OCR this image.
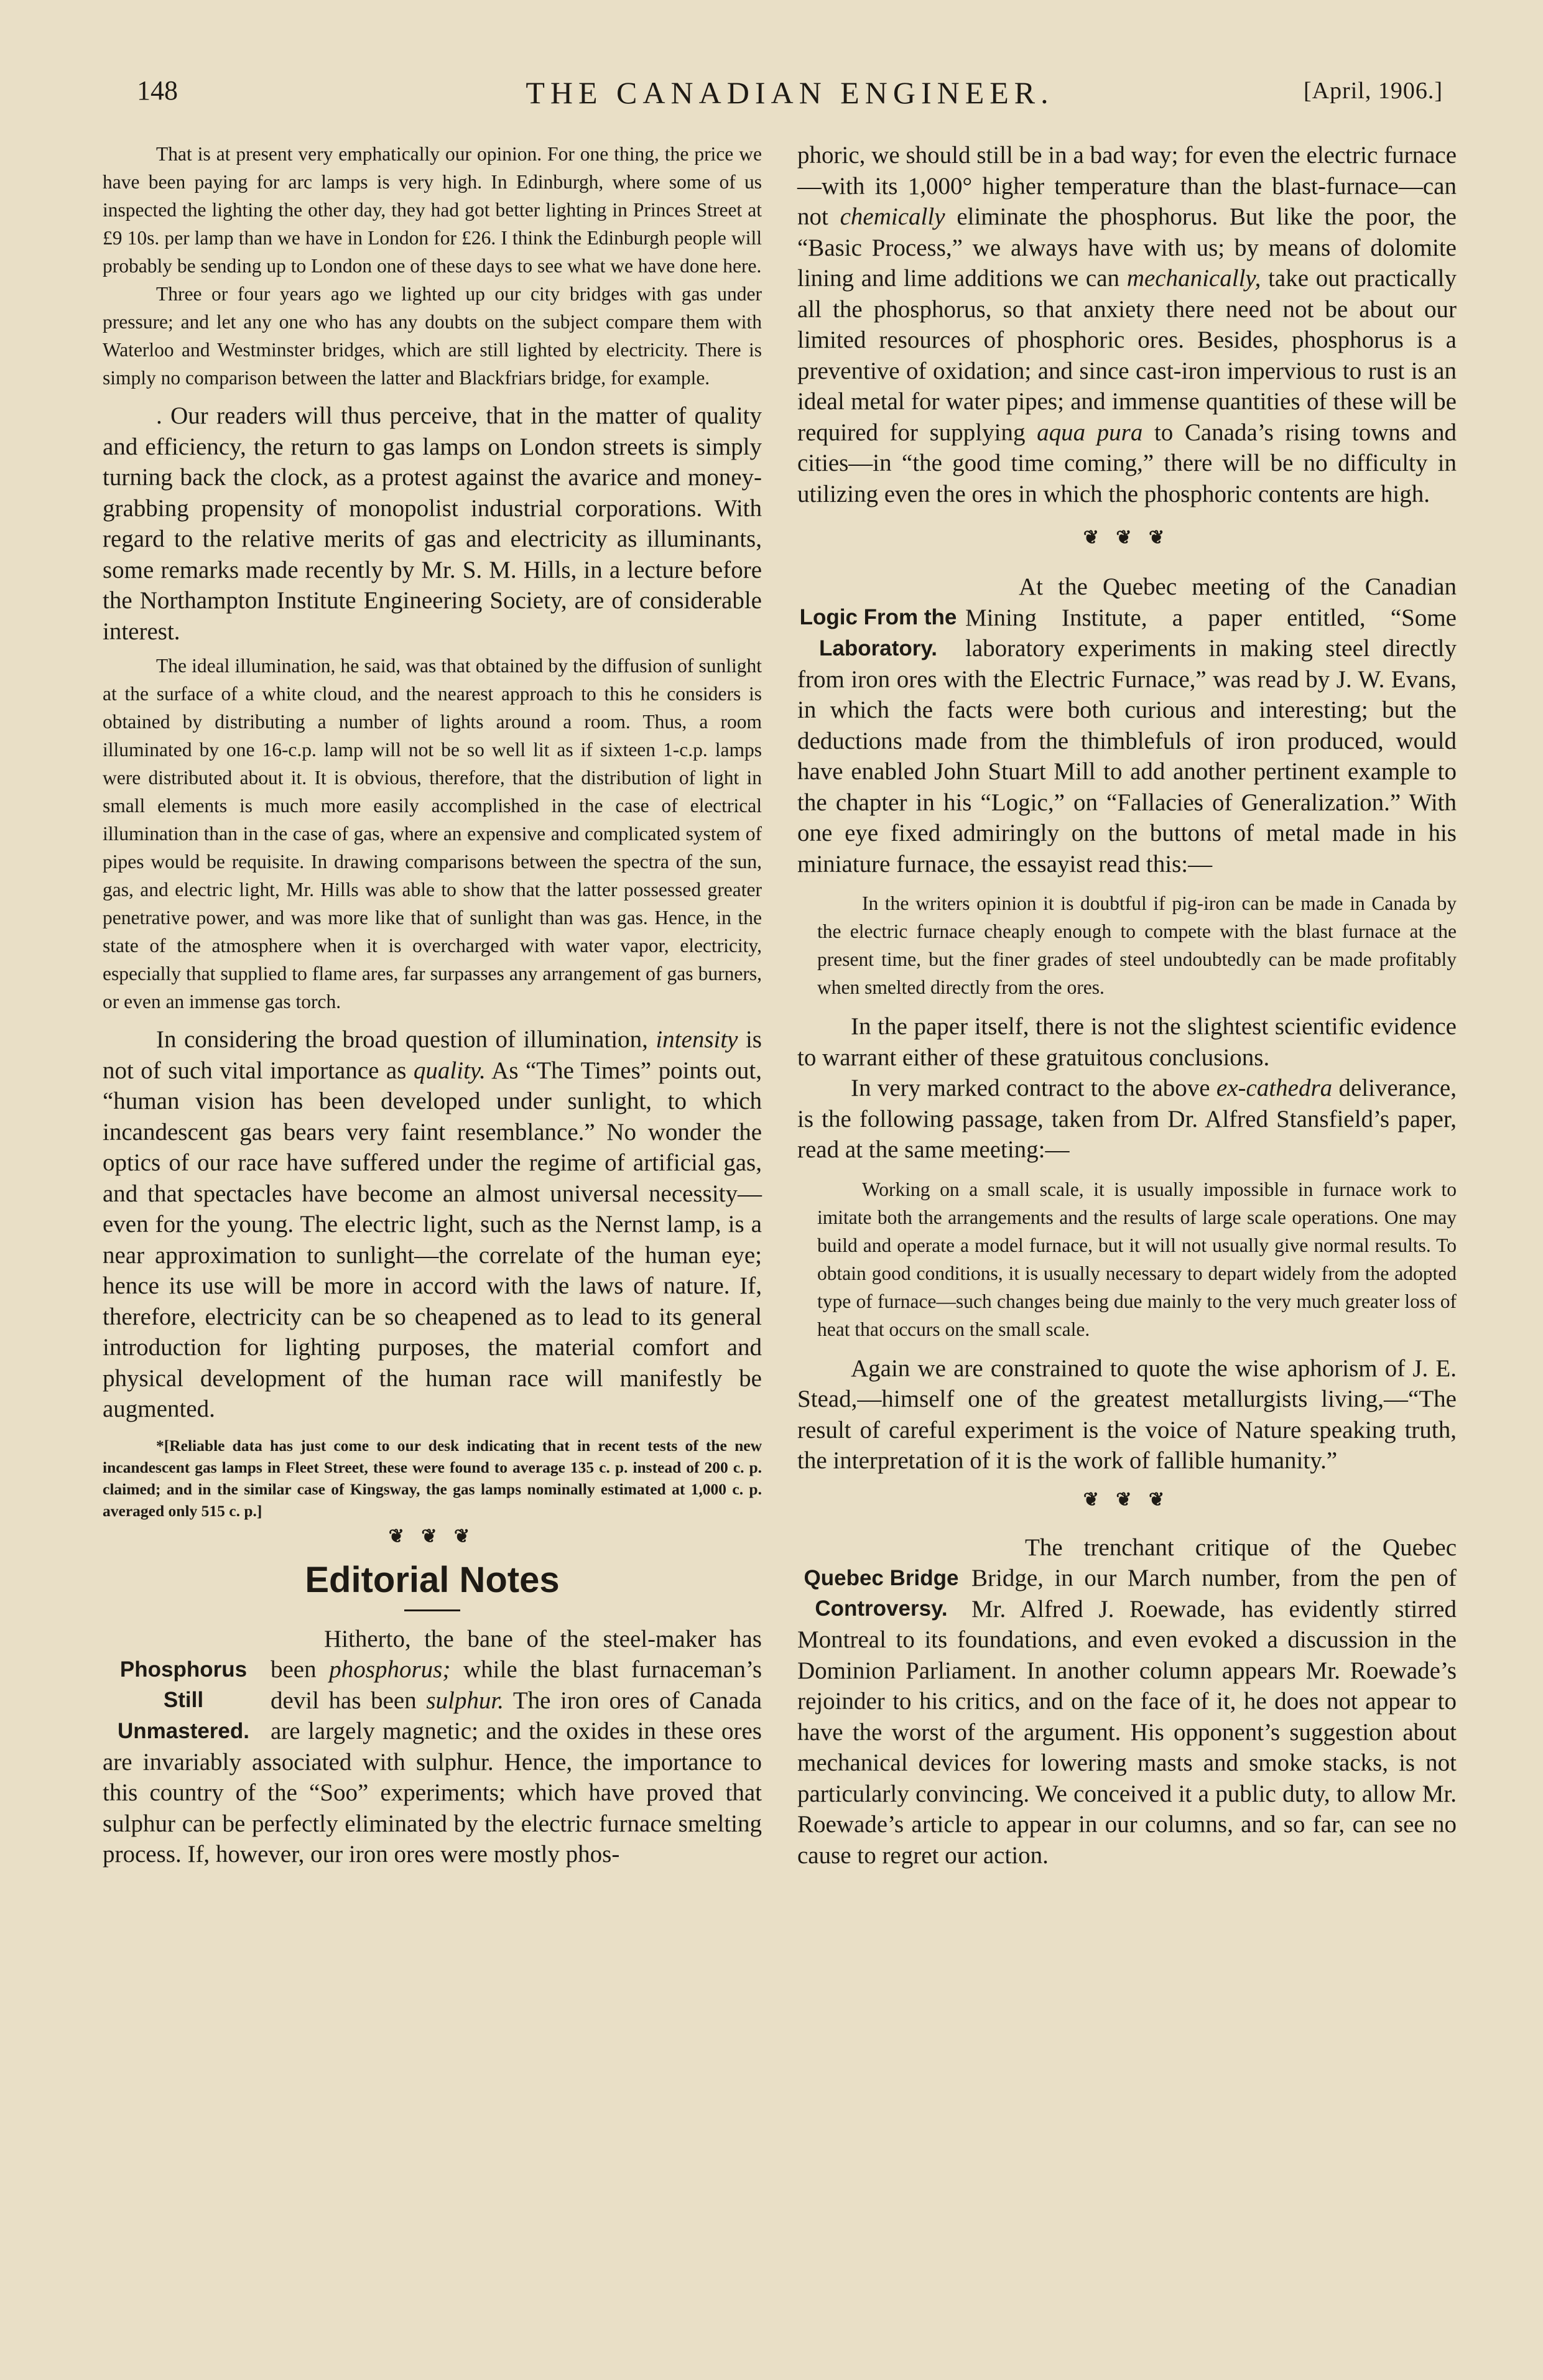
148	THE CANADIAN ENGINEER.	[April, 1906.]

That is at present very emphatically our opinion. For one thing, the price we have been paying for arc lamps is very high. In Edinburgh, where some of us inspected the lighting the other day, they had got better lighting in Princes Street at £9 10s. per lamp than we have in London for £26. I think the Edinburgh people will probably be sending up to London one of these days to see what we have done here.

Three or four years ago we lighted up our city bridges with gas under pressure; and let any one who has any doubts on the subject compare them with Waterloo and Westminster bridges, which are still lighted by electricity. There is simply no comparison between the latter and Blackfriars bridge, for example.

. Our readers will thus perceive, that in the matter of quality and efficiency, the return to gas lamps on London streets is simply turning back the clock, as a protest against the avarice and money-grabbing propensity of monopolist industrial corporations. With regard to the relative merits of gas and electricity as illuminants, some remarks made recently by Mr. S. M. Hills, in a lecture before the Northampton Institute Engineering Society, are of considerable interest.

The ideal illumination, he said, was that obtained by the diffusion of sunlight at the surface of a white cloud, and the nearest approach to this he considers is obtained by distributing a number of lights around a room. Thus, a room illuminated by one 16-c.p. lamp will not be so well lit as if sixteen 1-c.p. lamps were distributed about it. It is obvious, therefore, that the distribution of light in small elements is much more easily accomplished in the case of electrical illumination than in the case of gas, where an expensive and complicated system of pipes would be requisite. In drawing comparisons between the spectra of the sun, gas, and electric light, Mr. Hills was able to show that the latter possessed greater penetrative power, and was more like that of sunlight than was gas. Hence, in the state of the atmosphere when it is overcharged with water vapor, electricity, especially that supplied to flame ares, far surpasses any arrangement of gas burners, or even an immense gas torch.

In considering the broad question of illumination, intensity is not of such vital importance as quality. As “The Times” points out, “human vision has been developed under sunlight, to which incandescent gas bears very faint resemblance.” No wonder the optics of our race have suffered under the regime of artificial gas, and that spectacles have become an almost universal necessity—even for the young. The electric light, such as the Nernst lamp, is a near approximation to sunlight—the correlate of the human eye; hence its use will be more in accord with the laws of nature. If, therefore, electricity can be so cheapened as to lead to its general introduction for lighting purposes, the material comfort and physical development of the human race will manifestly be augmented.

*[Reliable data has just come to our desk indicating that in recent tests of the new incandescent gas lamps in Fleet Street, these were found to average 135 c. p. instead of 200 c. p. claimed; and in the similar case of Kingsway, the gas lamps nominally estimated at 1,000 c. p. averaged only 515 c. p.]

❦ ❦ ❦
Editorial Notes
Phosphorus Still Unmastered.

Hitherto, the bane of the steel-maker has been phosphorus; while the blast furnaceman’s devil has been sulphur. The iron ores of Canada are largely magnetic; and the oxides in these ores are invariably associated with sulphur. Hence, the importance to this country of the “Soo” experiments; which have proved that sulphur can be perfectly eliminated by the electric furnace smelting process. If, however, our iron ores were mostly phos-

phoric, we should still be in a bad way; for even the electric furnace—with its 1,000° higher temperature than the blast-furnace—can not chemically eliminate the phosphorus. But like the poor, the “Basic Process,” we always have with us; by means of dolomite lining and lime additions we can mechanically, take out practically all the phosphorus, so that anxiety there need not be about our limited resources of phosphoric ores. Besides, phosphorus is a preventive of oxidation; and since cast-iron impervious to rust is an ideal metal for water pipes; and immense quantities of these will be required for supplying aqua pura to Canada’s rising towns and cities—in “the good time coming,” there will be no difficulty in utilizing even the ores in which the phosphoric contents are high.

❦ ❦ ❦
Logic From the Laboratory.

At the Quebec meeting of the Canadian Mining Institute, a paper entitled, “Some laboratory experiments in making steel directly from iron ores with the Electric Furnace,” was read by J. W. Evans, in which the facts were both curious and interesting; but the deductions made from the thimblefuls of iron produced, would have enabled John Stuart Mill to add another pertinent example to the chapter in his “Logic,” on “Fallacies of Generalization.” With one eye fixed admiringly on the buttons of metal made in his miniature furnace, the essayist read this:—

In the writers opinion it is doubtful if pig-iron can be made in Canada by the electric furnace cheaply enough to compete with the blast furnace at the present time, but the finer grades of steel undoubtedly can be made profitably when smelted directly from the ores.

In the paper itself, there is not the slightest scientific evidence to warrant either of these gratuitous conclusions.

In very marked contract to the above ex-cathedra deliverance, is the following passage, taken from Dr. Alfred Stansfield’s paper, read at the same meeting:—

Working on a small scale, it is usually impossible in furnace work to imitate both the arrangements and the results of large scale operations. One may build and operate a model furnace, but it will not usually give normal results. To obtain good conditions, it is usually necessary to depart widely from the adopted type of furnace—such changes being due mainly to the very much greater loss of heat that occurs on the small scale.

Again we are constrained to quote the wise aphorism of J. E. Stead,—himself one of the greatest metallurgists living,—“The result of careful experiment is the voice of Nature speaking truth, the interpretation of it is the work of fallible humanity.”

❦ ❦ ❦
Quebec Bridge Controversy.

The trenchant critique of the Quebec Bridge, in our March number, from the pen of Mr. Alfred J. Roewade, has evidently stirred Montreal to its foundations, and even evoked a discussion in the Dominion Parliament. In another column appears Mr. Roewade’s rejoinder to his critics, and on the face of it, he does not appear to have the worst of the argument. His opponent’s suggestion about mechanical devices for lowering masts and smoke stacks, is not particularly convincing. We conceived it a public duty, to allow Mr. Roewade’s article to appear in our columns, and so far, can see no cause to regret our action.
